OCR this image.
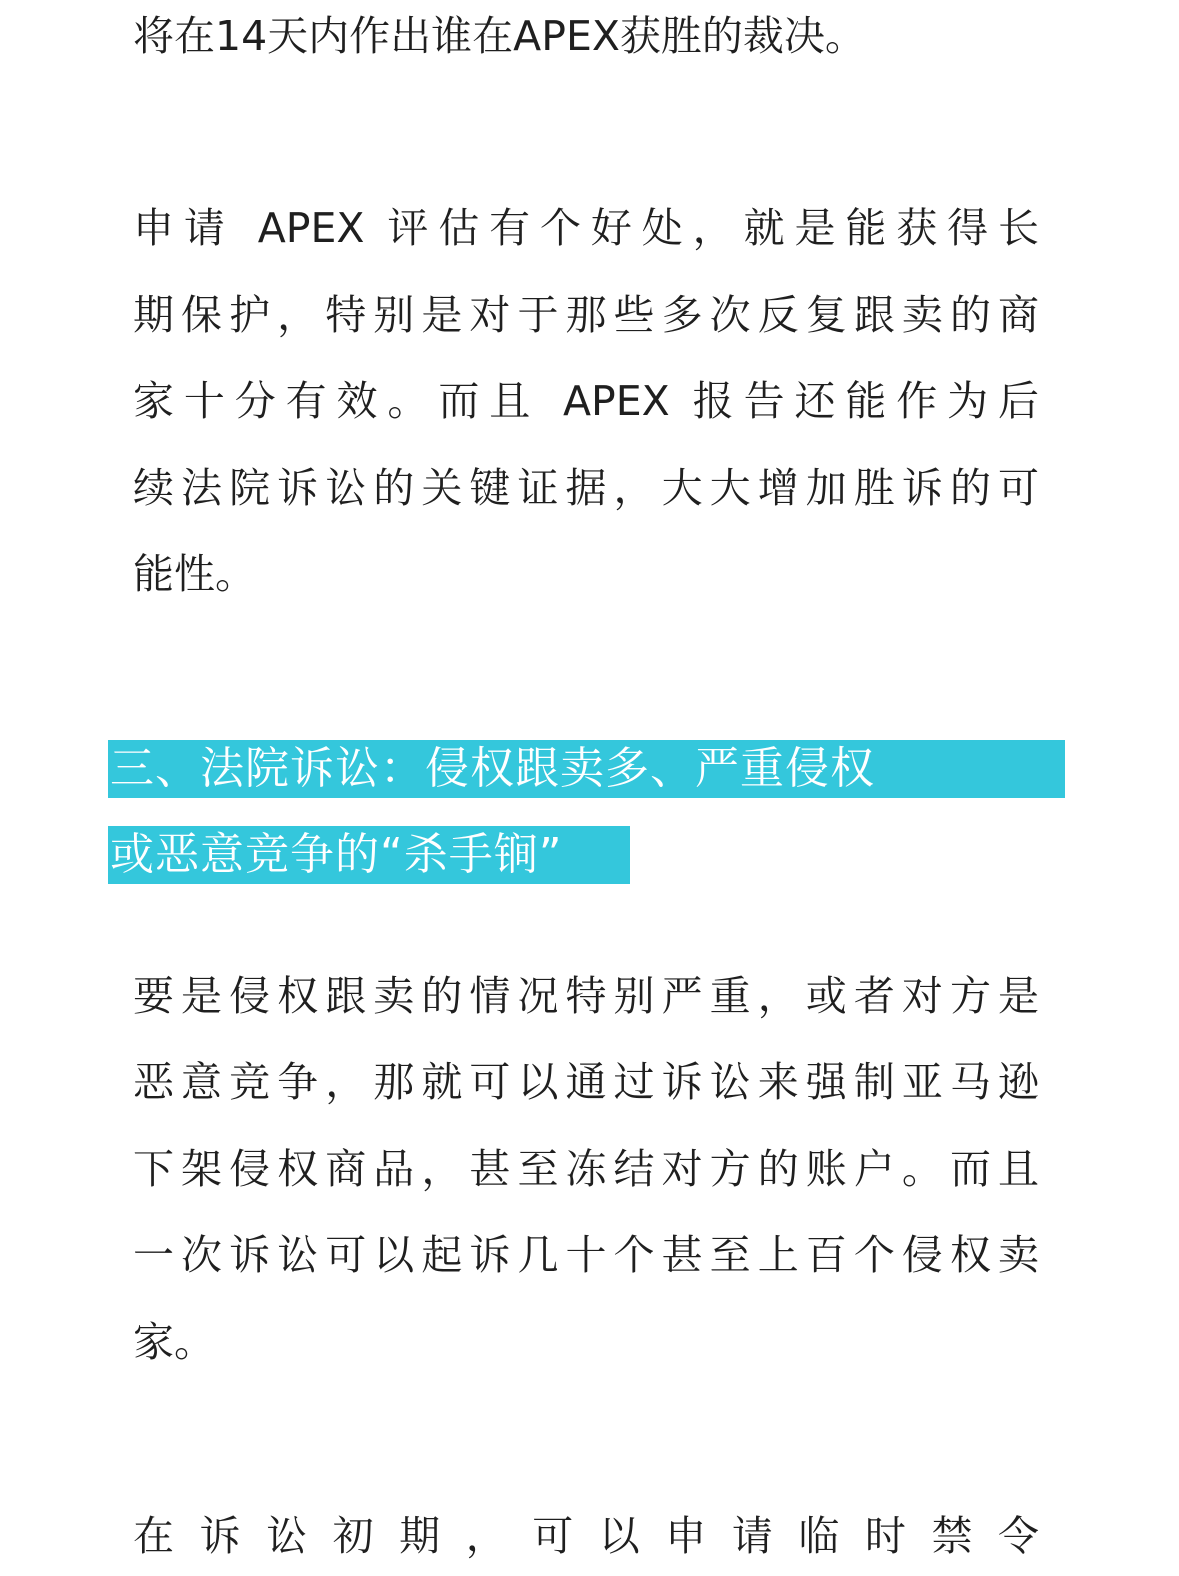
将在14天内作出谁在APEX获胜的裁决。
申请 APEX 评估有个好处，就是能获得长
期保护，特别是对于那些多次反复跟卖的商
家十分有效。而且 APEX 报告还能作为后
续法院诉讼的关键证据，大大增加胜诉的可
能性。
三、法院诉讼：侵权跟卖多、严重侵权
或恶意竞争的“杀手锏”
要是侵权跟卖的情况特别严重，或者对方是
恶意竞争，那就可以通过诉讼来强制亚马逊
下架侵权商品，甚至冻结对方的账户。而且
一次诉讼可以起诉几十个甚至上百个侵权卖
家。
在诉讼初期，可以申请临时禁令
